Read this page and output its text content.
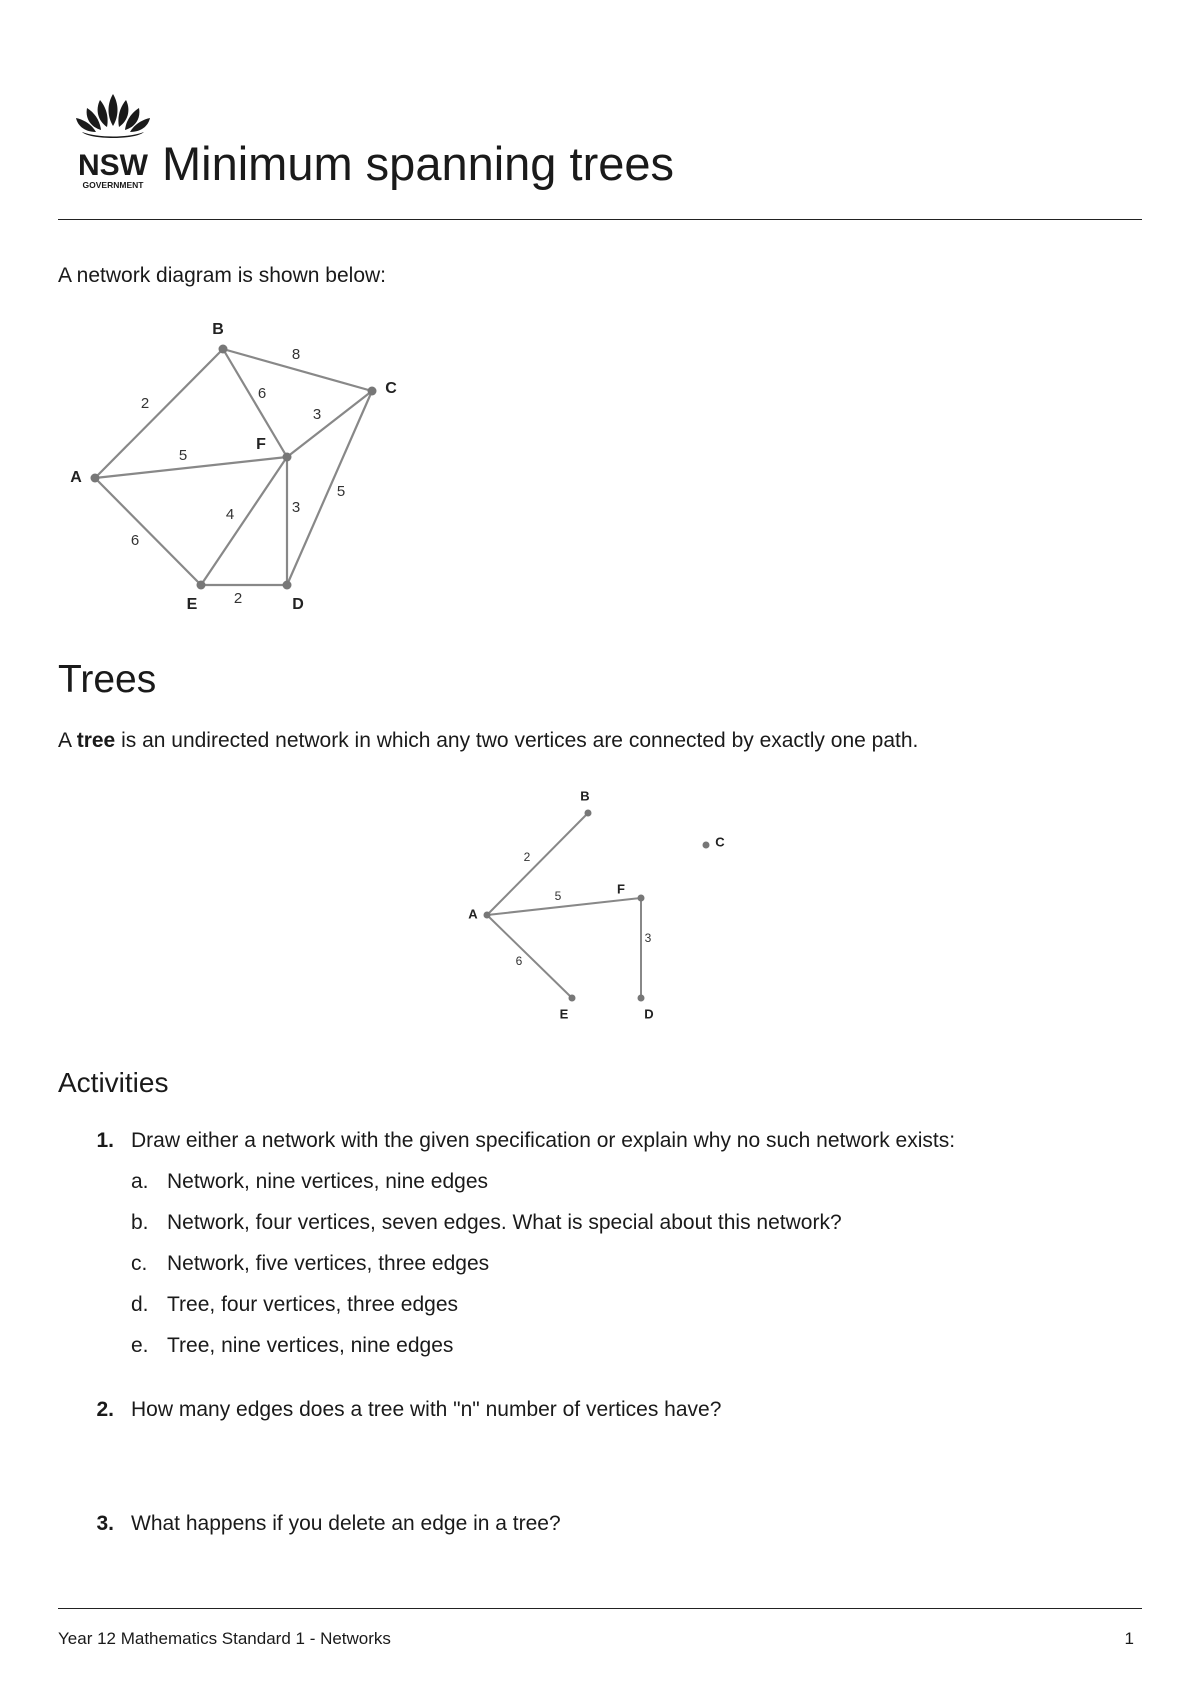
NSW
GOVERNMENT Minimum spanning trees
A network diagram is shown below:
2
8
6
3
5
5
4	3
6
2
A
B
C
D
E
F
Trees
A tree is an undirected network in which any two vertices are connected by exactly one path.
2
5
6
3
A
B
C
D
E
F
Activities
1. Draw either a network with the given specification or explain why no such network exists:
a. Network, nine vertices, nine edges
b. Network, four vertices, seven edges. What is special about this network?
c. Network, five vertices, three edges
d. Tree, four vertices, three edges
e. Tree, nine vertices, nine edges
2. How many edges does a tree with "n" number of vertices have?
3. What happens if you delete an edge in a tree?
Year 12 Mathematics Standard 1 - Networks	1
